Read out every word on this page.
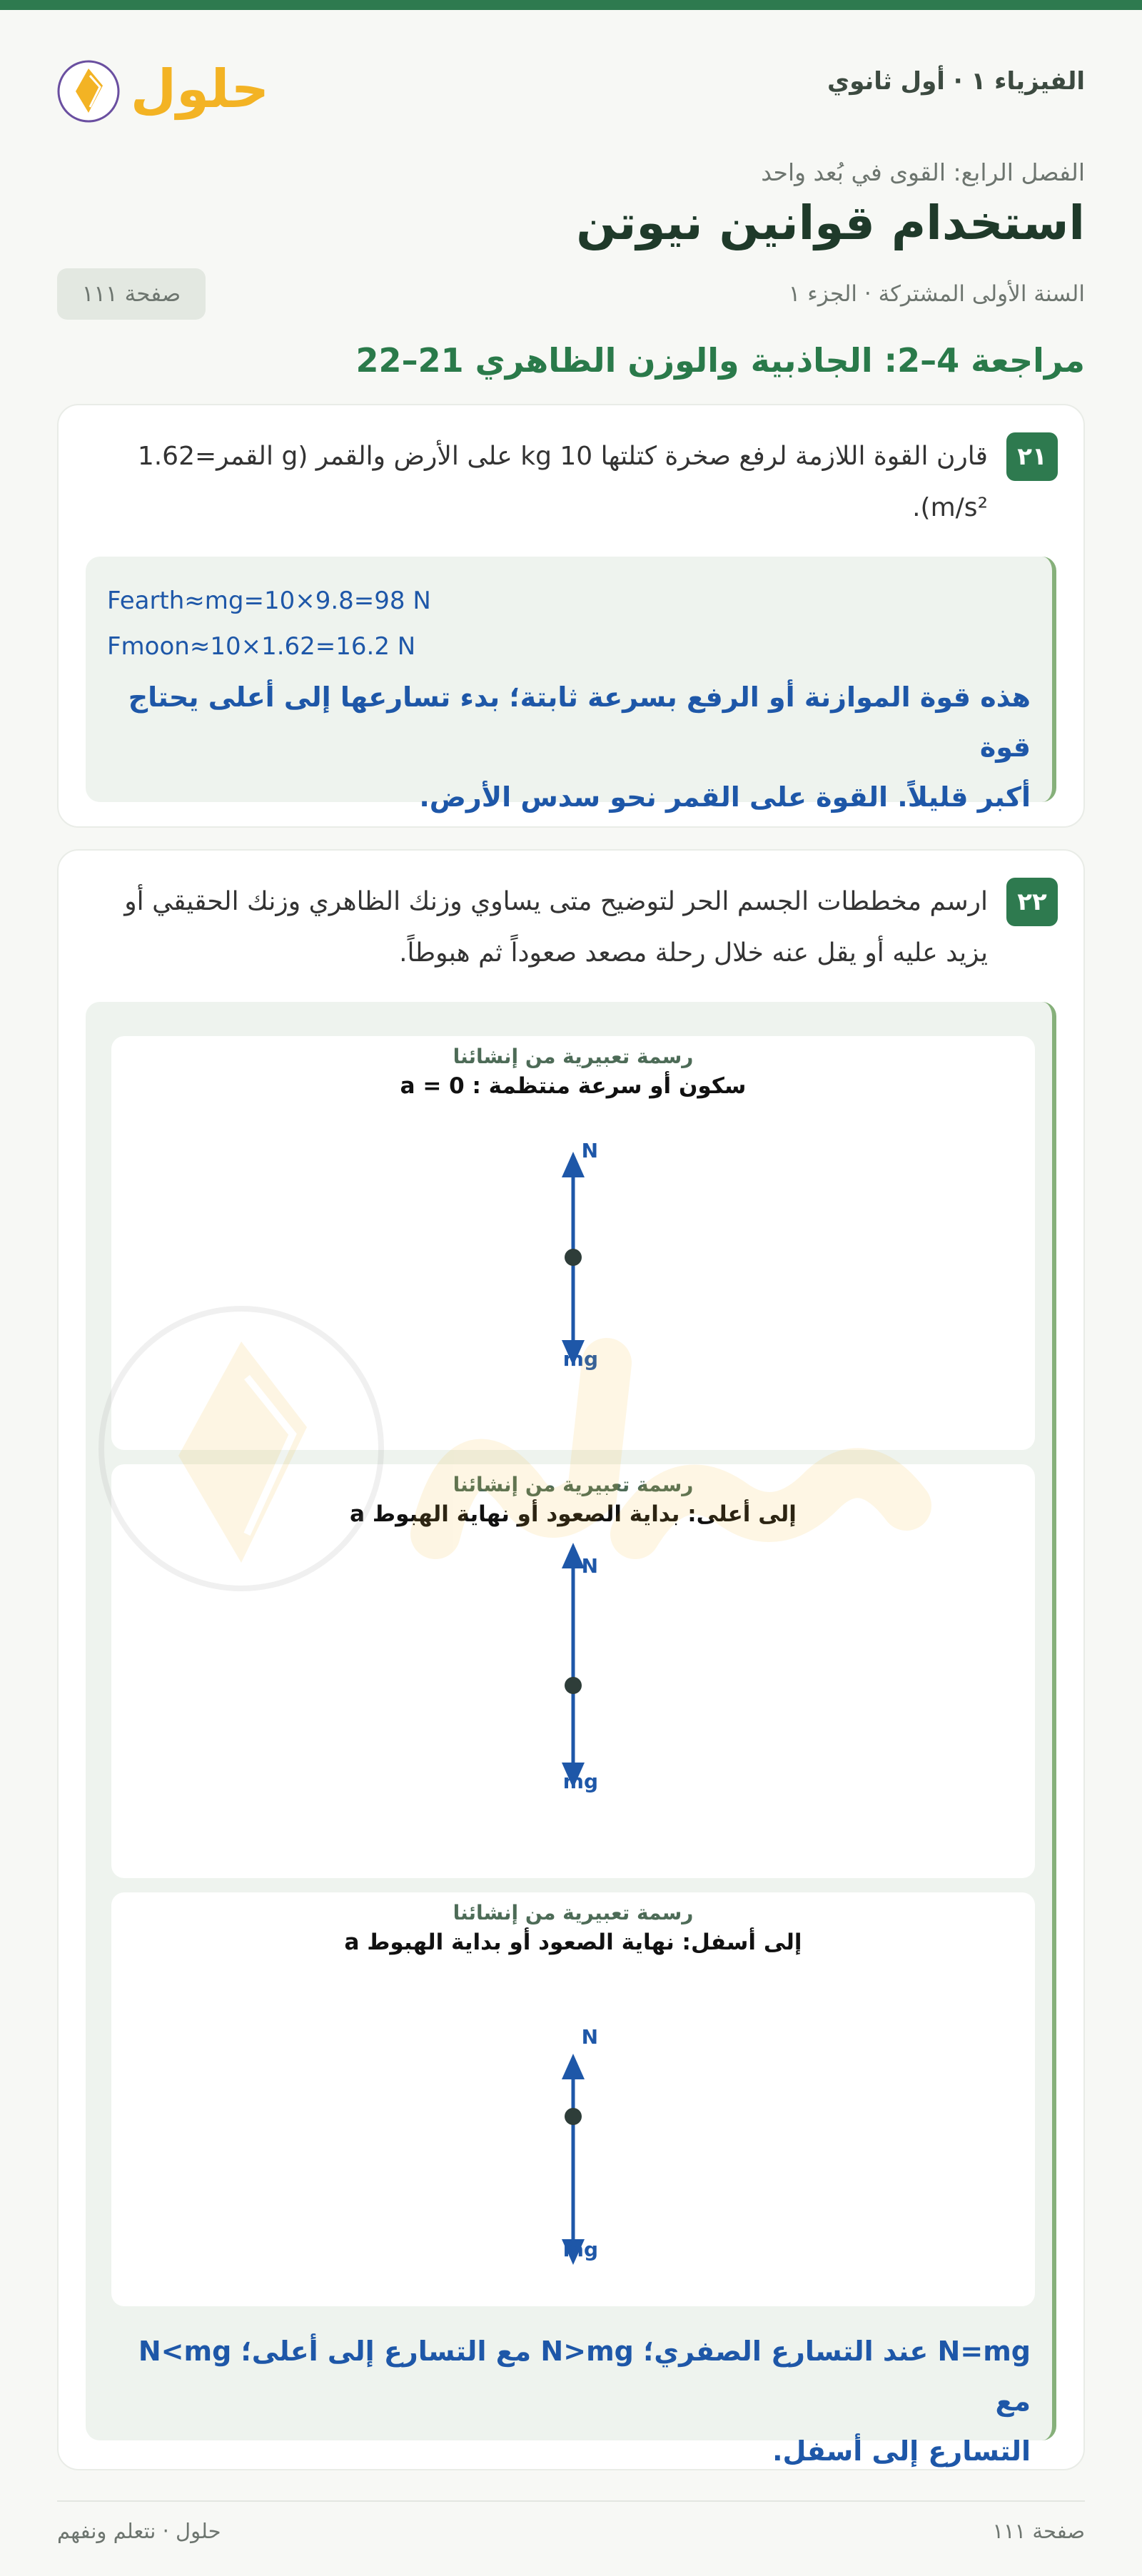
الفيزياء ١ · أول ثانوي
حلول
الفصل الرابع: القوى في بُعد واحد
استخدام قوانين نيوتن
السنة الأولى المشتركة · الجزء ١
صفحة ١١١
مراجعة 4–2: الجاذبية والوزن الظاهري 21–22
٢١
قارن القوة اللازمة لرفع صخرة كتلتها 10 kg على الأرض والقمر (g القمر=1.62
m/s²).
Fearth≈mg=10×9.8=98 N
Fmoon≈10×1.62=16.2 N
هذه قوة الموازنة أو الرفع بسرعة ثابتة؛ بدء تسارعها إلى أعلى يحتاج قوة
أكبر قليلاً. القوة على القمر نحو سدس الأرض.
٢٢
ارسم مخططات الجسم الحر لتوضيح متى يساوي وزنك الظاهري وزنك الحقيقي أو
يزيد عليه أو يقل عنه خلال رحلة مصعد صعوداً ثم هبوطاً.
رسمة تعبيرية من إنشائنا
سكون أو سرعة منتظمة : a = 0
N
mg
رسمة تعبيرية من إنشائنا
إلى أعلى: بداية الصعود أو نهاية الهبوط a
N
mg
رسمة تعبيرية من إنشائنا
إلى أسفل: نهاية الصعود أو بداية الهبوط a
N
mg
N=mg عند التسارع الصفري؛ N>mg مع التسارع إلى أعلى؛ N<mg مع
التسارع إلى أسفل.
صفحة ١١١
حلول · نتعلم ونفهم
